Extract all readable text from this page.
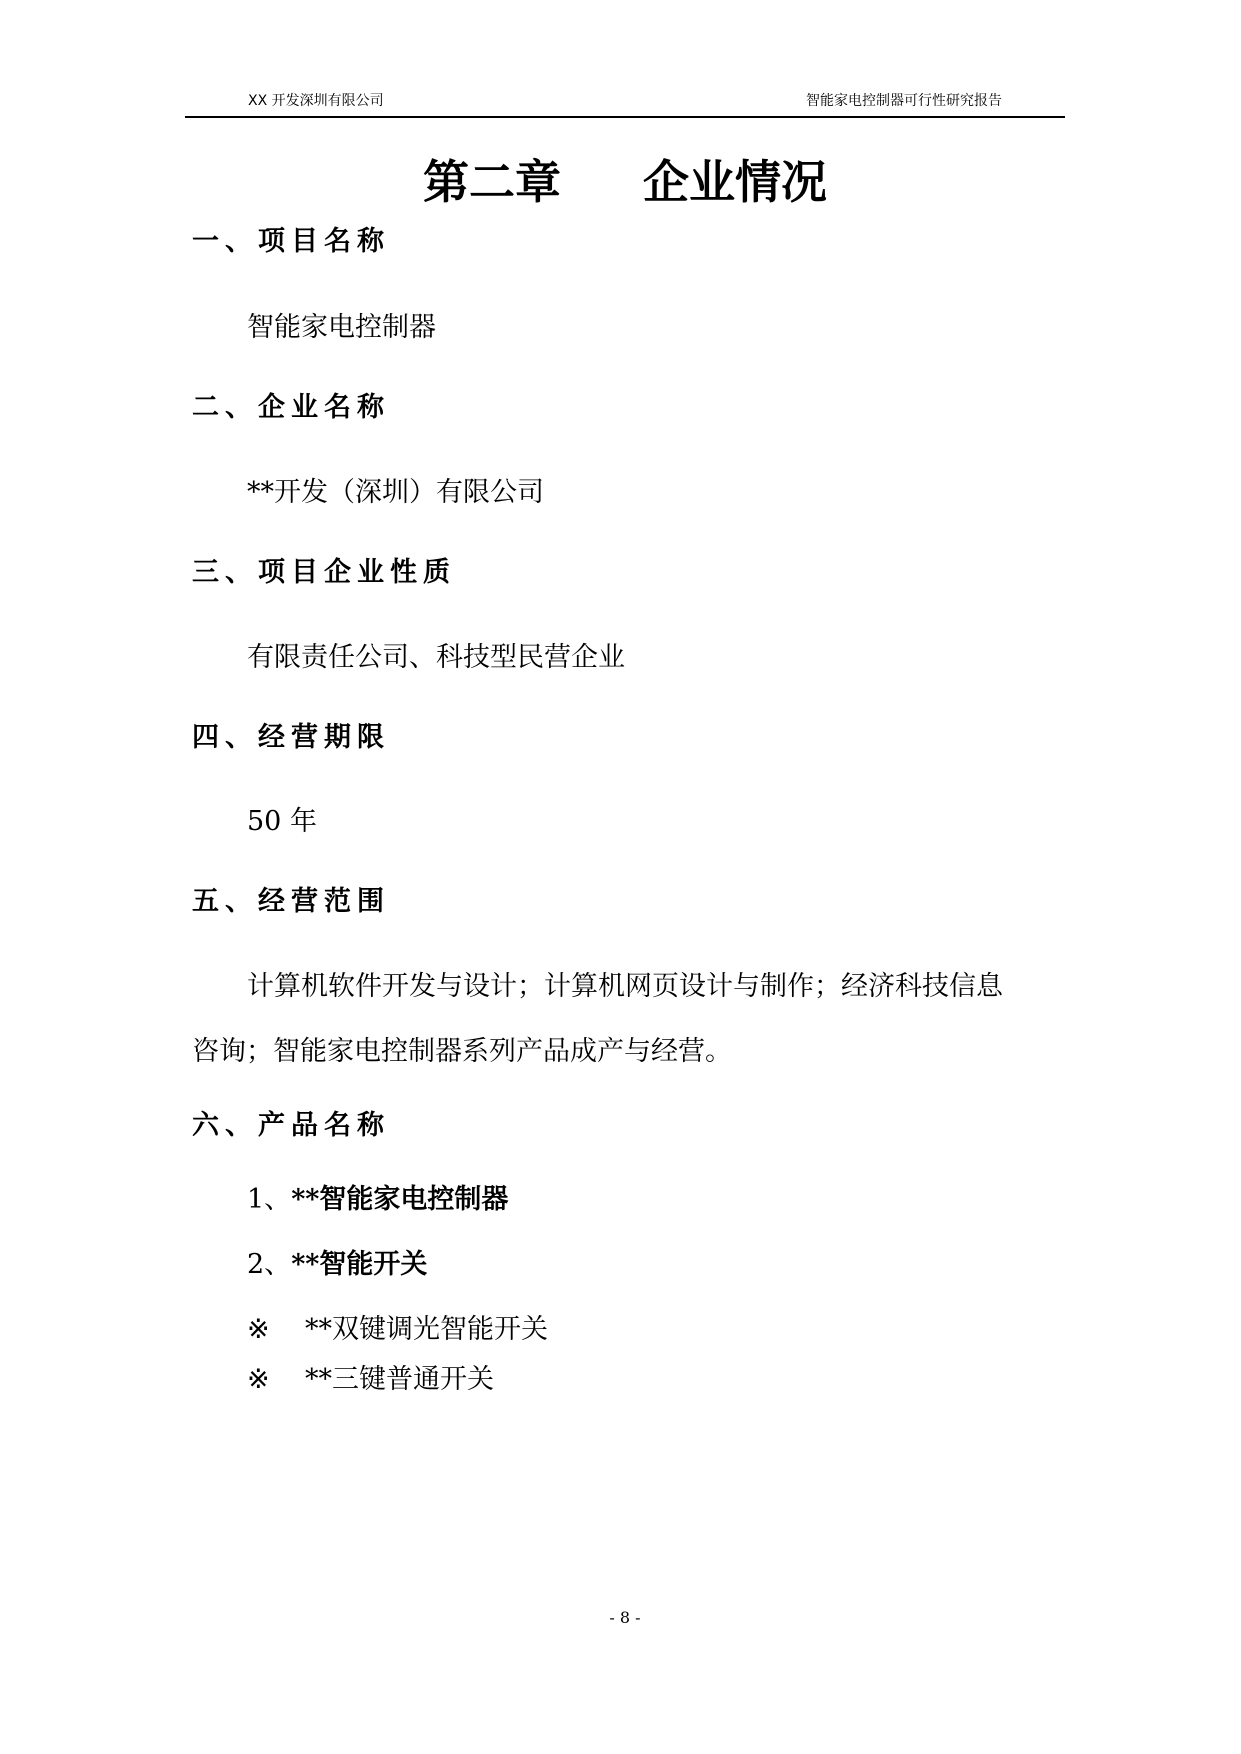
XX 开发深圳有限公司	智能家电控制器可行性研究报告
第二章 企业情况
一、项目名称
智能家电控制器
二、企业名称
**开发（深圳）有限公司
三、项目企业性质
有限责任公司、科技型民营企业
四、经营期限
50 年
五、经营范围
计算机软件开发与设计；计算机网页设计与制作；经济科技信息
咨询；智能家电控制器系列产品成产与经营。
六、产品名称
1、**智能家电控制器
2、**智能开关
※ **双键调光智能开关
※ **三键普通开关
- 8 -
